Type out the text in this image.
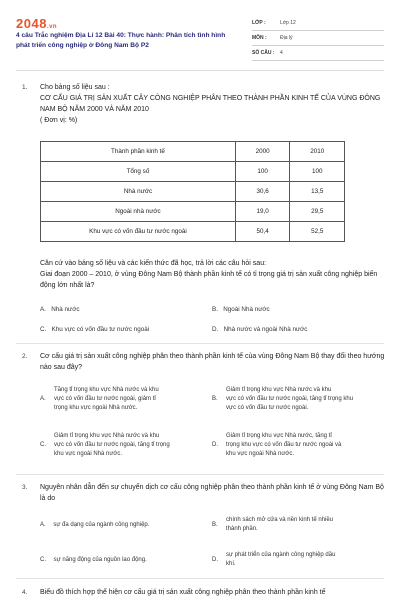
2048.vn
4 câu Trắc nghiệm Địa Lí 12 Bài 40: Thực hành: Phân tích tình hình phát triển công nghiệp ở Đông Nam Bộ P2
LỚP :	Lớp 12
MÔN :	Địa lý
SỐ CÂU :	4
1. Cho bảng số liệu sau :
CƠ CẤU GIÁ TRỊ SẢN XUẤT CÂY CÔNG NGHIỆP PHÂN THEO THÀNH PHẦN KINH TẾ CỦA VÙNG ĐÔNG NAM BỘ NĂM 2000 VÀ NĂM 2010
( Đơn vị: %)
Thành phần kinh tế	2000	2010
Tổng số	100	100
Nhà nước	30,6	13,5
Ngoài nhà nước	19,0	29,5
Khu vực có vốn đầu tư nước ngoài	50,4	52,5
Căn cứ vào bảng số liệu và các kiến thức đã học, trả lời các câu hỏi sau:
Giai đoạn 2000 – 2010, ở vùng Đông Nam Bộ thành phần kinh tế có tỉ trọng giá trị sản xuất công nghiệp biến động lớn nhất là?
A. Nhà nước	B. Ngoài Nhà nước
C. Khu vực có vốn đầu tư nước ngoài	D. Nhà nước và ngoài Nhà nước
2. Cơ cấu giá trị sản xuất công nghiệp phân theo thành phần kinh tế của vùng Đông Nam Bộ thay đổi theo hướng nào sau đây?
A.
Tăng tỉ trọng khu vực Nhà nước và khu
vực có vốn đầu tư nước ngoài, giảm tỉ
trọng khu vực ngoài Nhà nước.
B.
Giảm tỉ trọng khu vực Nhà nước và khu
vực có vốn đầu tư nước ngoài, tăng tỉ trọng khu
vực có vốn đầu tư nước ngoài.
C.
Giảm tỉ trọng khu vực Nhà nước và khu
vực có vốn đầu tư nước ngoài, tăng tỉ trọng
khu vực ngoài Nhà nước.
D.
Giảm tỉ trọng khu vực Nhà nước, tăng tỉ
trọng khu vực có vốn đầu tư nước ngoài và
khu vực ngoài Nhà nước.
3. Nguyên nhân dẫn đến sự chuyển dịch cơ cấu công nghiệp phân theo thành phần kinh tế ở vùng Đông Nam Bộ là do
A. sự đa dạng của ngành công nghiệp.	B.
chính sách mở cửa và nền kinh tế nhiều
thành phần.
C. sự năng động của nguồn lao động.	D.
sự phát triển của ngành công nghiệp dầu
khí.
4. Biểu đồ thích hợp thể hiện cơ cấu giá trị sản xuất công nghiệp phân theo thành phần kinh tế
